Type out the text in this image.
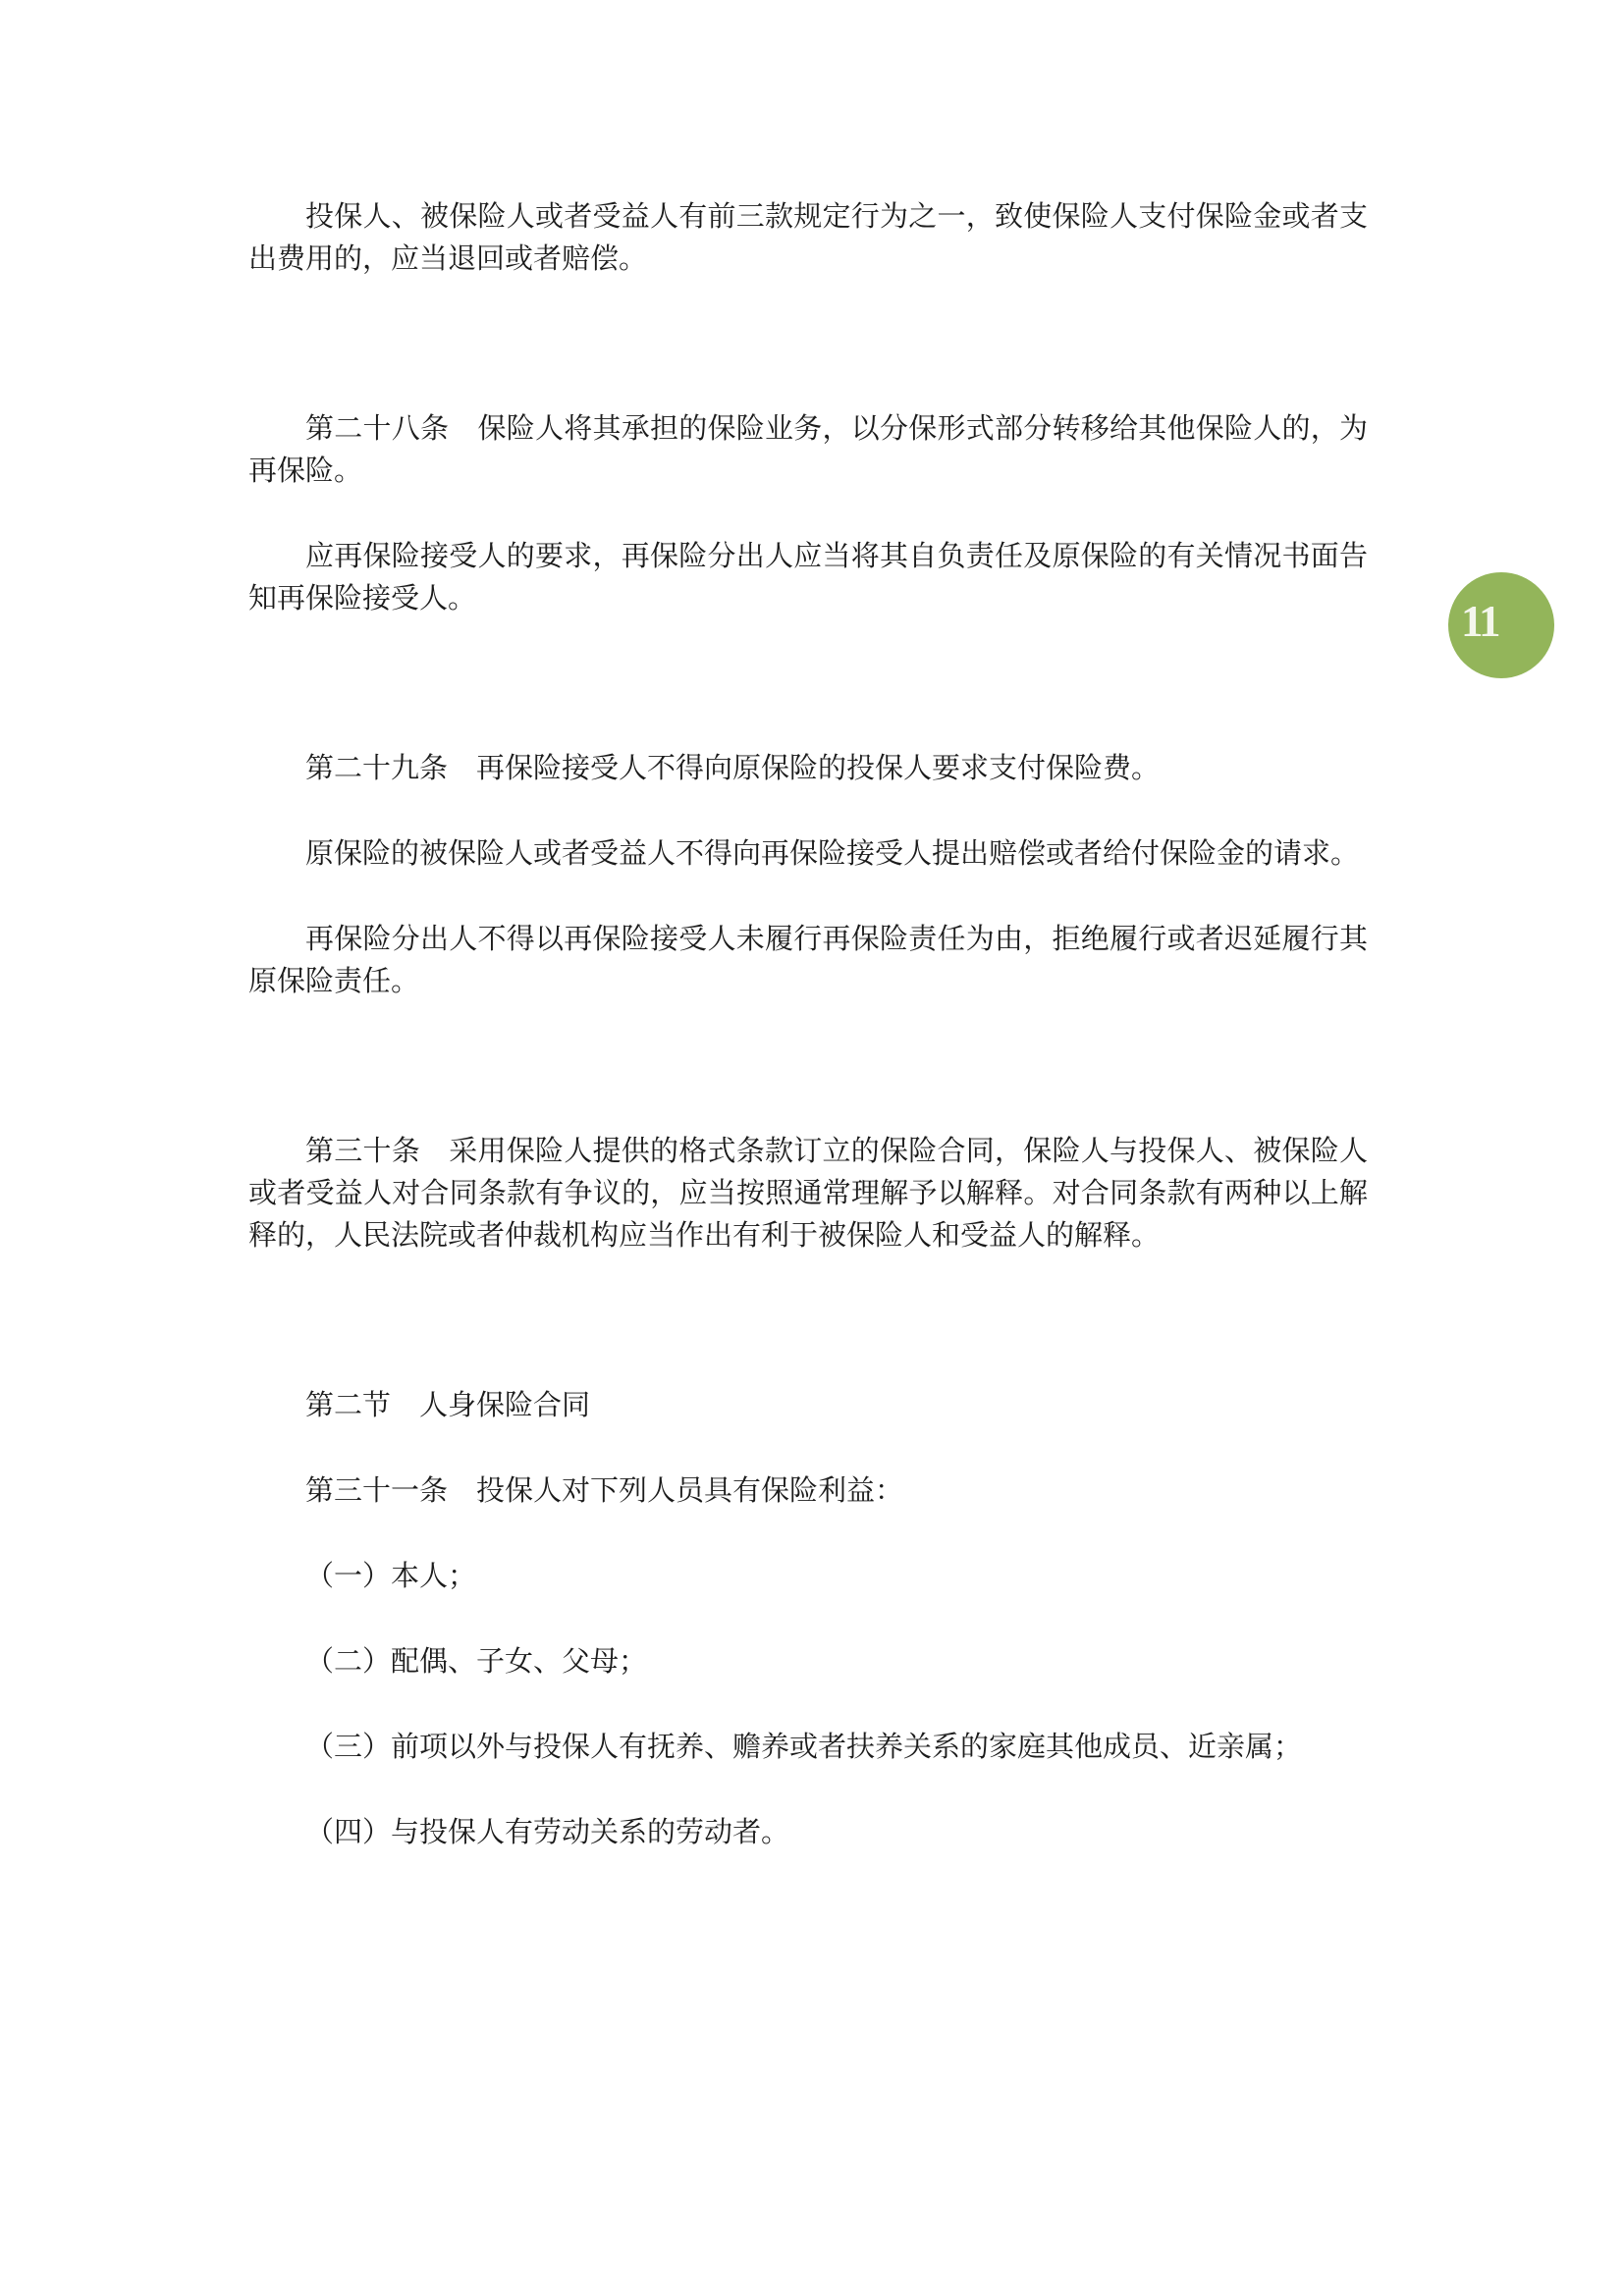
投保人、被保险人或者受益人有前三款规定行为之一，致使保险人支付保险金或者支出费用的，应当退回或者赔偿。

第二十八条　保险人将其承担的保险业务，以分保形式部分转移给其他保险人的，为再保险。

应再保险接受人的要求，再保险分出人应当将其自负责任及原保险的有关情况书面告知再保险接受人。

第二十九条　再保险接受人不得向原保险的投保人要求支付保险费。

原保险的被保险人或者受益人不得向再保险接受人提出赔偿或者给付保险金的请求。

再保险分出人不得以再保险接受人未履行再保险责任为由，拒绝履行或者迟延履行其原保险责任。

第三十条　采用保险人提供的格式条款订立的保险合同，保险人与投保人、被保险人或者受益人对合同条款有争议的，应当按照通常理解予以解释。对合同条款有两种以上解释的，人民法院或者仲裁机构应当作出有利于被保险人和受益人的解释。

第二节　人身保险合同

第三十一条　投保人对下列人员具有保险利益：

（一）本人；

（二）配偶、子女、父母；

（三）前项以外与投保人有抚养、赡养或者扶养关系的家庭其他成员、近亲属；

（四）与投保人有劳动关系的劳动者。

11
